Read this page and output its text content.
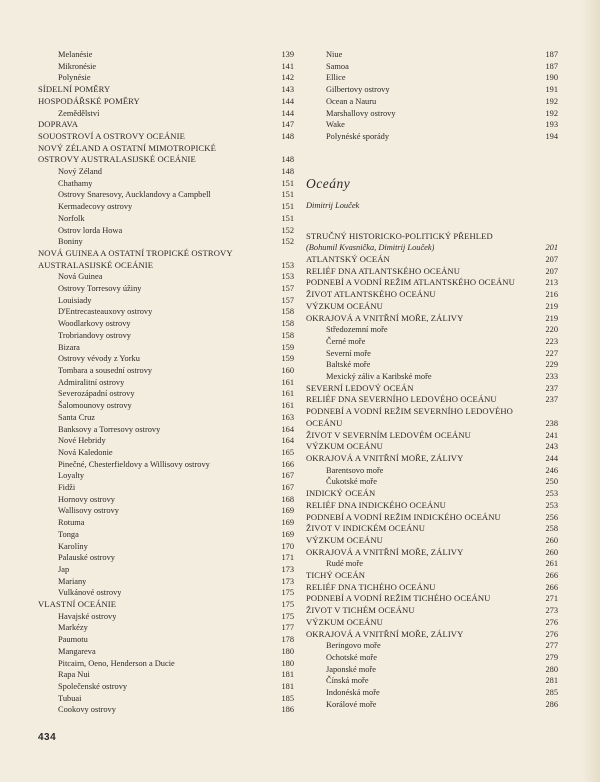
Melanésie	139
Mikronésie	141
Polynésie	142
SÍDELNÍ POMĚRY	143
HOSPODÁŘSKÉ POMĚRY	144
Zemědělství	144
DOPRAVA	147
SOUOSTROVÍ A OSTROVY OCEÁNIE	148
NOVÝ ZÉLAND A OSTATNÍ MIMOTROPICKÉ
OSTROVY AUSTRALASIJSKÉ OCEÁNIE	148
Nový Zéland	148
Chathamy	151
Ostrovy Snaresovy, Aucklandovy a Campbell	151
Kermadecovy ostrovy	151
Norfolk	151
Ostrov lorda Howa	152
Boniny	152
NOVÁ GUINEA A OSTATNÍ TROPICKÉ OSTROVY
AUSTRALASIJSKÉ OCEÁNIE	153
Nová Guinea	153
Ostrovy Torresovy úžiny	157
Louisiady	157
D'Entrecasteauxovy ostrovy	158
Woodlarkovy ostrovy	158
Trobriandovy ostrovy	158
Bizara	159
Ostrovy vévody z Yorku	159
Tombara a sousední ostrovy	160
Admiralitní ostrovy	161
Severozápadní ostrovy	161
Šalomounovy ostrovy	161
Santa Cruz	163
Banksovy a Torresovy ostrovy	164
Nové Hebridy	164
Nová Kaledonie	165
Pinečné, Chesterfieldovy a Willisovy ostrovy	166
Loyalty	167
Fidži	167
Hornovy ostrovy	168
Wallisovy ostrovy	169
Rotuma	169
Tonga	169
Karolíny	170
Palauské ostrovy	171
Jap	173
Mariany	173
Vulkánové ostrovy	175
VLASTNÍ OCEÁNIE	175
Havajské ostrovy	175
Markézy	177
Paumotu	178
Mangareva	180
Pitcairn, Oeno, Henderson a Ducie	180
Rapa Nui	181
Společenské ostrovy	181
Tubuai	185
Cookovy ostrovy	186
Niue	187
Samoa	187
Ellice	190
Gilbertovy ostrovy	191
Ocean a Nauru	192
Marshallovy ostrovy	192
Wake	193
Polynéské sporády	194
Oceány
Dimitrij Louček
STRUČNÝ HISTORICKO-POLITICKÝ PŘEHLED
(Bohumil Kvasnička, Dimitrij Louček)	201
ATLANTSKÝ OCEÁN	207
RELIÉF DNA ATLANTSKÉHO OCEÁNU	207
PODNEBÍ A VODNÍ REŽIM ATLANTSKÉHO OCEÁNU	213
ŽIVOT ATLANTSKÉHO OCEÁNU	216
VÝZKUM OCEÁNU	219
OKRAJOVÁ A VNITŘNÍ MOŘE, ZÁLIVY	219
Středozemní moře	220
Černé moře	223
Severní moře	227
Baltské moře	229
Mexický záliv a Karibské moře	233
SEVERNÍ LEDOVÝ OCEÁN	237
RELIÉF DNA SEVERNÍHO LEDOVÉHO OCEÁNU	237
PODNEBÍ A VODNÍ REŽIM SEVERNÍHO LEDOVÉHO
OCEÁNU	238
ŽIVOT V SEVERNÍM LEDOVÉM OCEÁNU	241
VÝZKUM OCEÁNU	243
OKRAJOVÁ A VNITŘNÍ MOŘE, ZÁLIVY	244
Barentsovo moře	246
Čukotské moře	250
INDICKÝ OCEÁN	253
RELIÉF DNA INDICKÉHO OCEÁNU	253
PODNEBÍ A VODNÍ REŽIM INDICKÉHO OCEÁNU	256
ŽIVOT V INDICKÉM OCEÁNU	258
VÝZKUM OCEÁNU	260
OKRAJOVÁ A VNITŘNÍ MOŘE, ZÁLIVY	260
Rudé moře	261
TICHÝ OCEÁN	266
RELIÉF DNA TICHÉHO OCEÁNU	266
PODNEBÍ A VODNÍ REŽIM TICHÉHO OCEÁNU	271
ŽIVOT V TICHÉM OCEÁNU	273
VÝZKUM OCEÁNU	276
OKRAJOVÁ A VNITŘNÍ MOŘE, ZÁLIVY	276
Beringovo moře	277
Ochotské moře	279
Japonské moře	280
Čínská moře	281
Indonéská moře	285
Korálové moře	286
434
